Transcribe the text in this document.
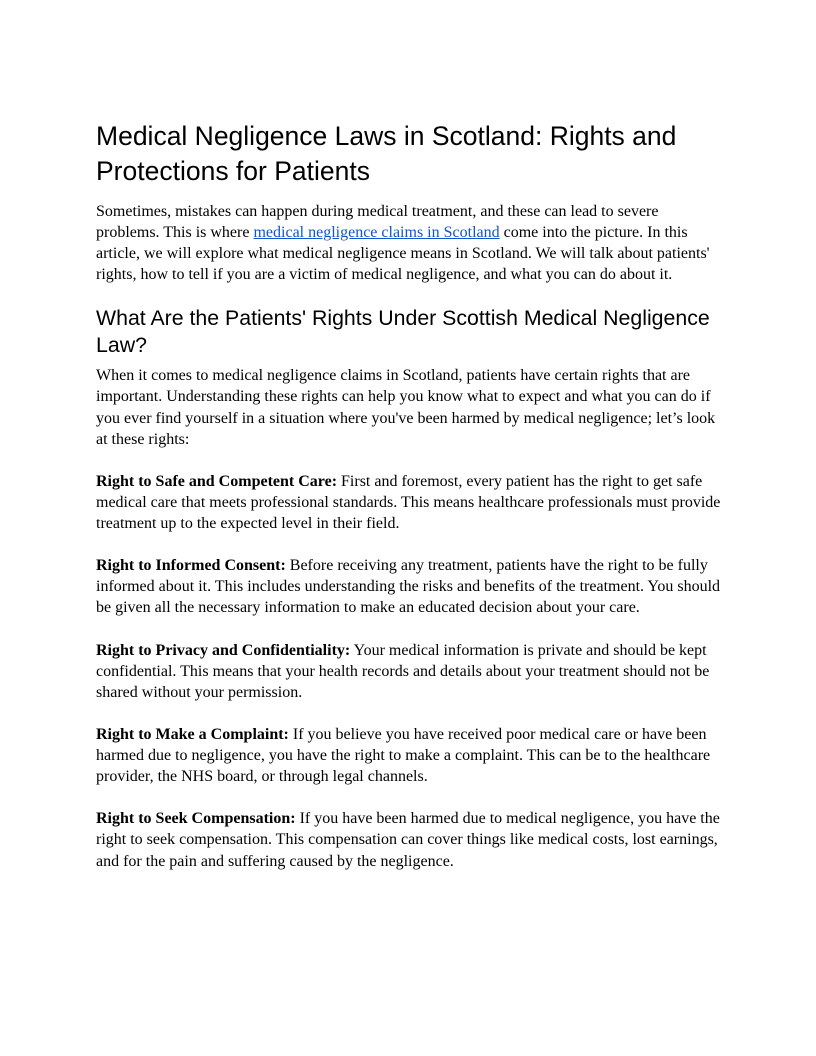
Medical Negligence Laws in Scotland: Rights and Protections for Patients

Sometimes, mistakes can happen during medical treatment, and these can lead to severe problems. This is where medical negligence claims in Scotland come into the picture. In this article, we will explore what medical negligence means in Scotland. We will talk about patients' rights, how to tell if you are a victim of medical negligence, and what you can do about it.

What Are the Patients' Rights Under Scottish Medical Negligence Law?

When it comes to medical negligence claims in Scotland, patients have certain rights that are important. Understanding these rights can help you know what to expect and what you can do if you ever find yourself in a situation where you've been harmed by medical negligence; let’s look at these rights:

Right to Safe and Competent Care: First and foremost, every patient has the right to get safe medical care that meets professional standards. This means healthcare professionals must provide treatment up to the expected level in their field.

Right to Informed Consent: Before receiving any treatment, patients have the right to be fully informed about it. This includes understanding the risks and benefits of the treatment. You should be given all the necessary information to make an educated decision about your care.

Right to Privacy and Confidentiality: Your medical information is private and should be kept confidential. This means that your health records and details about your treatment should not be shared without your permission.

Right to Make a Complaint: If you believe you have received poor medical care or have been harmed due to negligence, you have the right to make a complaint. This can be to the healthcare provider, the NHS board, or through legal channels.

Right to Seek Compensation: If you have been harmed due to medical negligence, you have the right to seek compensation. This compensation can cover things like medical costs, lost earnings, and for the pain and suffering caused by the negligence.
